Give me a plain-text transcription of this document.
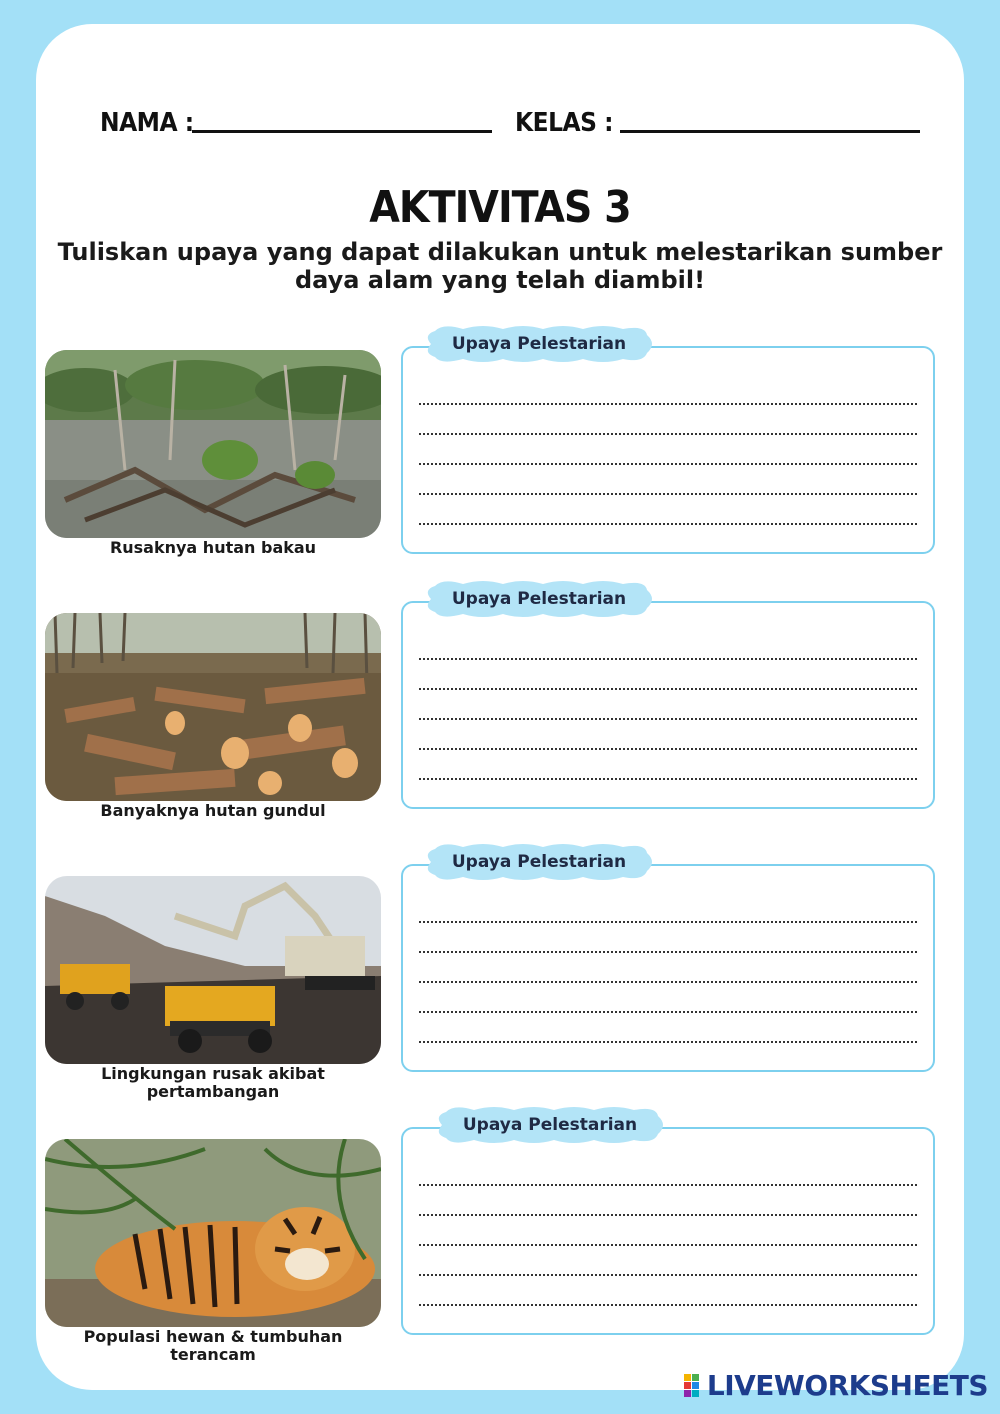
NAMA :	KELAS :
AKTIVITAS 3
Tuliskan upaya yang dapat dilakukan untuk melestarikan sumber
daya alam yang telah diambil!
Rusaknya hutan bakau
Upaya Pelestarian
Banyaknya hutan gundul
Upaya Pelestarian
Lingkungan rusak akibat
pertambangan
Upaya Pelestarian
Populasi hewan & tumbuhan
terancam
Upaya Pelestarian
LIVEWORKSHEETS
